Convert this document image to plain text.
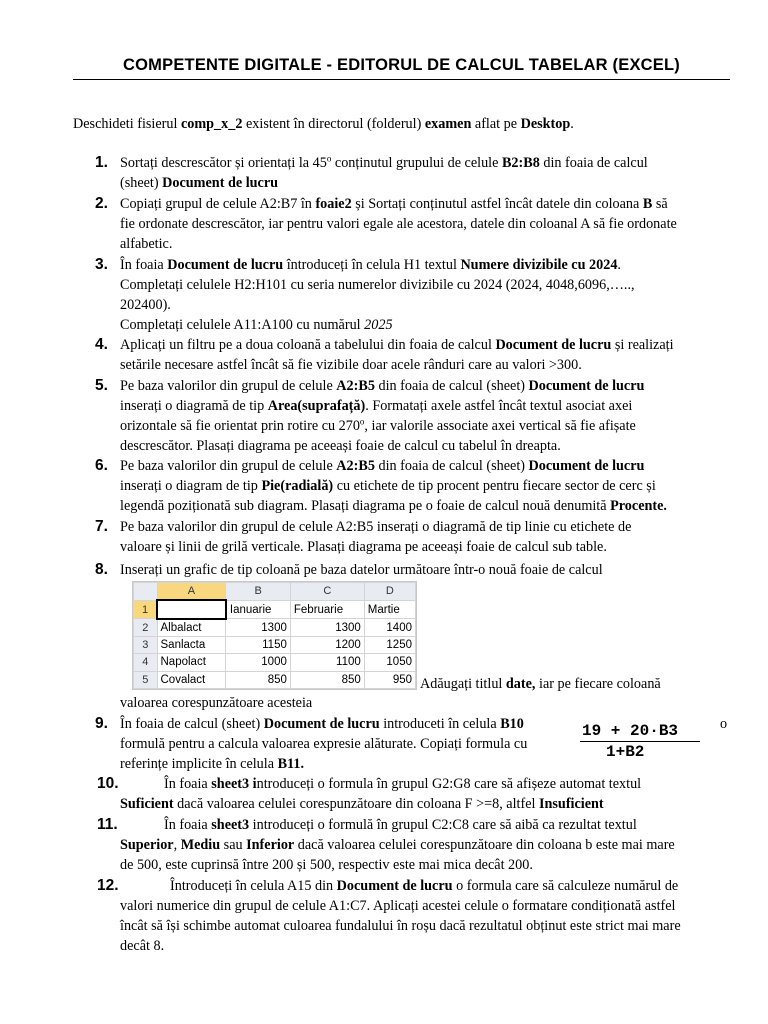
COMPETENTE DIGITALE - EDITORUL DE CALCUL TABELAR (EXCEL)
Deschideti fisierul comp_x_2 existent în directorul (folderul) examen aflat pe Desktop.
1. Sortați descrescător și orientați la 45$^o$ conținutul grupului de celule B2:B8 din foaia de calcul
(sheet) Document de lucru
2. Copiați grupul de celule A2:B7 în foaie2 și Sortați conținutul astfel încât datele din coloana B să
fie ordonate descrescător, iar pentru valori egale ale acestora, datele din coloanal A să fie ordonate
alfabetic.
3. În foaia Document de lucru întroduceți în celula H1 textul Numere divizibile cu 2024.
Completați celulele H2:H101 cu seria numerelor divizibile cu 2024 (2024, 4048,6096,…..,
202400).
Completați celulele A11:A100 cu numărul 2025
4. Aplicați un filtru pe a doua coloană a tabelului din foaia de calcul Document de lucru și realizați
setările necesare astfel încât să fie vizibile doar acele rânduri care au valori >300.
5. Pe baza valorilor din grupul de celule A2:B5 din foaia de calcul (sheet) Document de lucru
inserați o diagramă de tip Area(suprafață). Formatați axele astfel încât textul asociat axei
orizontale să fie orientat prin rotire cu 270$^o$, iar valorile associate axei vertical să fie afișate
descrescător. Plasați diagrama pe aceeași foaie de calcul cu tabelul în dreapta.
6. Pe baza valorilor din grupul de celule A2:B5 din foaia de calcul (sheet) Document de lucru
inserați o diagram de tip Pie(radială) cu etichete de tip procent pentru fiecare sector de cerc și
legendă poziționată sub diagram. Plasați diagrama pe o foaie de calcul nouă denumită Procente.
7. Pe baza valorilor din grupul de celule A2:B5 inserați o diagramă de tip linie cu etichete de
valoare și linii de grilă verticale. Plasați diagrama pe aceeași foaie de calcul sub table.
8. Inserați un grafic de tip coloană pe baza datelor următoare într-o nouă foaie de calcul
Adăugați titlul date, iar pe fiecare coloană
valoarea corespunzătoare acesteia
	A	B	C	D
1		Ianuarie	Februarie	Martie
2	Albalact	1300	1300	1400
3	Sanlacta	1150	1200	1250
4	Napolact	1000	1100	1050
5	Covalact	850	850	950
9. În foaia de calcul (sheet) Document de lucru introduceti în celula B10
formulă pentru a calcula valoarea expresie alăturate. Copiați formula cu
referințe implicite în celula B11.
o
19 + 20·B3
1+B2
10.	În foaia sheet3 introduceți o formula în grupul G2:G8 care să afișeze automat textul
Suficient dacă valoarea celulei corespunzătoare din coloana F >=8, altfel Insuficient
11.	În foaia sheet3 introduceți o formulă în grupul C2:C8 care să aibă ca rezultat textul
Superior, Mediu sau Inferior dacă valoarea celulei corespunzătoare din coloana b este mai mare
de 500, este cuprinsă între 200 și 500, respectiv este mai mica decât 200.
12.	Întroduceți în celula A15 din Document de lucru o formula care să calculeze numărul de
valori numerice din grupul de celule A1:C7. Aplicați acestei celule o formatare condiționată astfel
încât să își schimbe automat culoarea fundalului în roșu dacă rezultatul obținut este strict mai mare
decât 8.
